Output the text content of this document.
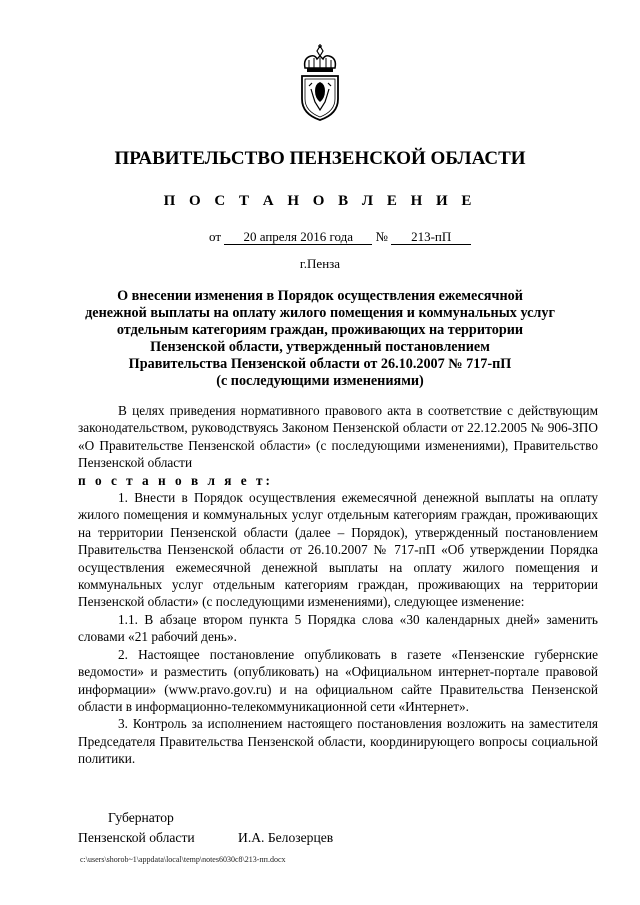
ПРАВИТЕЛЬСТВО ПЕНЗЕНСКОЙ ОБЛАСТИ
П О С Т А Н О В Л Е Н И Е
от 20 апреля 2016 года № 213-пП
г.Пенза
О внесении изменения в Порядок осуществления ежемесячной
денежной выплаты на оплату жилого помещения и коммунальных услуг
отдельным категориям граждан, проживающих на территории
Пензенской области, утвержденный постановлением
Правительства Пензенской области от 26.10.2007 № 717-пП
(с последующими изменениями)

В целях приведения нормативного правового акта в соответствие с действующим законодательством, руководствуясь Законом Пензенской области от 22.12.2005 № 906-ЗПО «О Правительстве Пензенской области» (с последующими изменениями), Правительство Пензенской области

п о с т а н о в л я е т:

1. Внести в Порядок осуществления ежемесячной денежной выплаты на оплату жилого помещения и коммунальных услуг отдельным категориям граждан, проживающих на территории Пензенской области (далее – Порядок), утвержденный постановлением Правительства Пензенской области от 26.10.2007 № 717-пП «Об утверждении Порядка осуществления ежемесячной денежной выплаты на оплату жилого помещения и коммунальных услуг отдельным категориям граждан, проживающих на территории Пензенской области» (с последующими изменениями), следующее изменение:

1.1. В абзаце втором пункта 5 Порядка слова «30 календарных дней» заменить словами «21 рабочий день».

2. Настоящее постановление опубликовать в газете «Пензенские губернские ведомости» и разместить (опубликовать) на «Официальном интернет-портале правовой информации» (www.pravo.gov.ru) и на официальном сайте Правительства Пензенской области в информационно-телекоммуникационной сети «Интернет».

3. Контроль за исполнением настоящего постановления возложить на заместителя Председателя Правительства Пензенской области, координирующего вопросы социальной политики.

Губернатор
Пензенской области	И.А. Белозерцев
c:\users\shorob~1\appdata\local\temp\notes6030c8\213-пп.docx
